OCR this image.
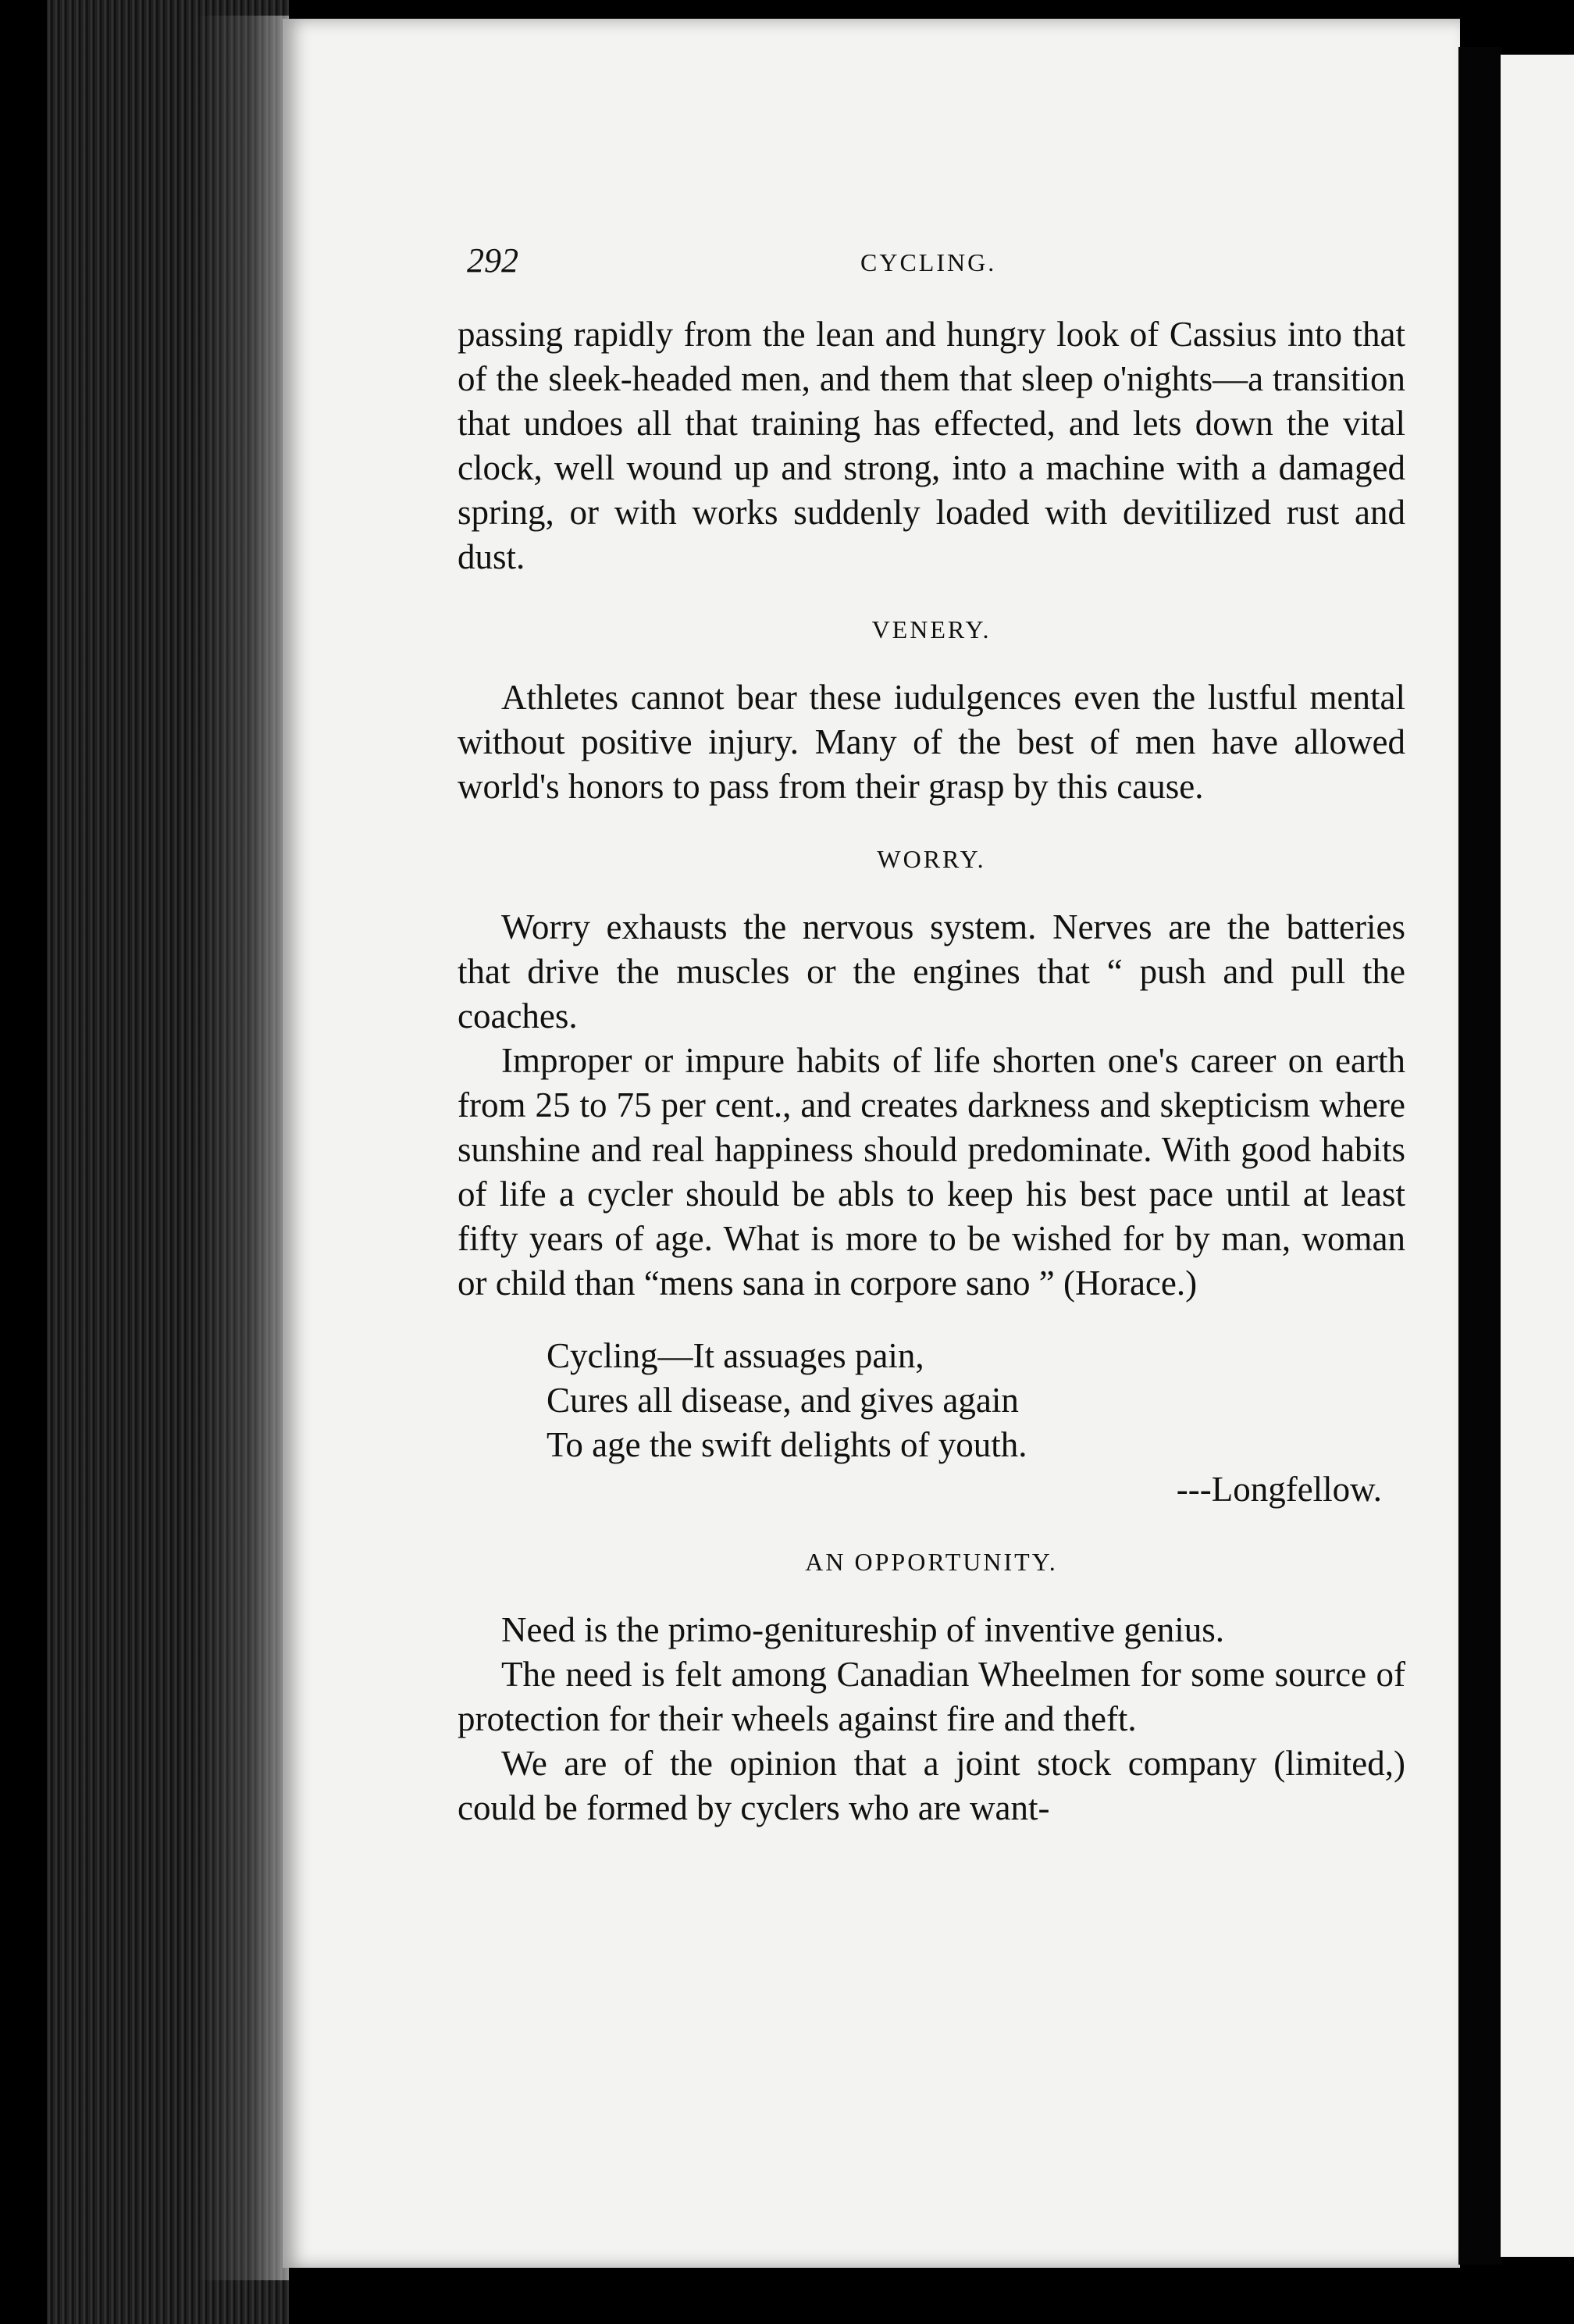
292	CYCLING.

passing rapidly from the lean and hungry look of Cassius into that of the sleek-headed men, and them that sleep o'nights—a transition that undoes all that training has effected, and lets down the vital clock, well wound up and strong, into a machine with a damaged spring, or with works suddenly loaded with devitilized rust and dust.

VENERY.

Athletes cannot bear these iudulgences even the lustful mental without positive injury. Many of the best of men have allowed world's honors to pass from their grasp by this cause.

WORRY.

Worry exhausts the nervous system. Nerves are the batteries that drive the muscles or the engines that “ push and pull the coaches.

Improper or impure habits of life shorten one's career on earth from 25 to 75 per cent., and creates darkness and skepticism where sunshine and real happiness should predominate. With good habits of life a cycler should be abls to keep his best pace until at least fifty years of age. What is more to be wished for by man, woman or child than “mens sana in corpore sano ” (Horace.)

Cycling—It assuages pain,
Cures all disease, and gives again
To age the swift delights of youth.
---Longfellow.
AN OPPORTUNITY.

Need is the primo-genitureship of inventive genius.

The need is felt among Canadian Wheelmen for some source of protection for their wheels against fire and theft.

We are of the opinion that a joint stock company (limited,) could be formed by cyclers who are want-
